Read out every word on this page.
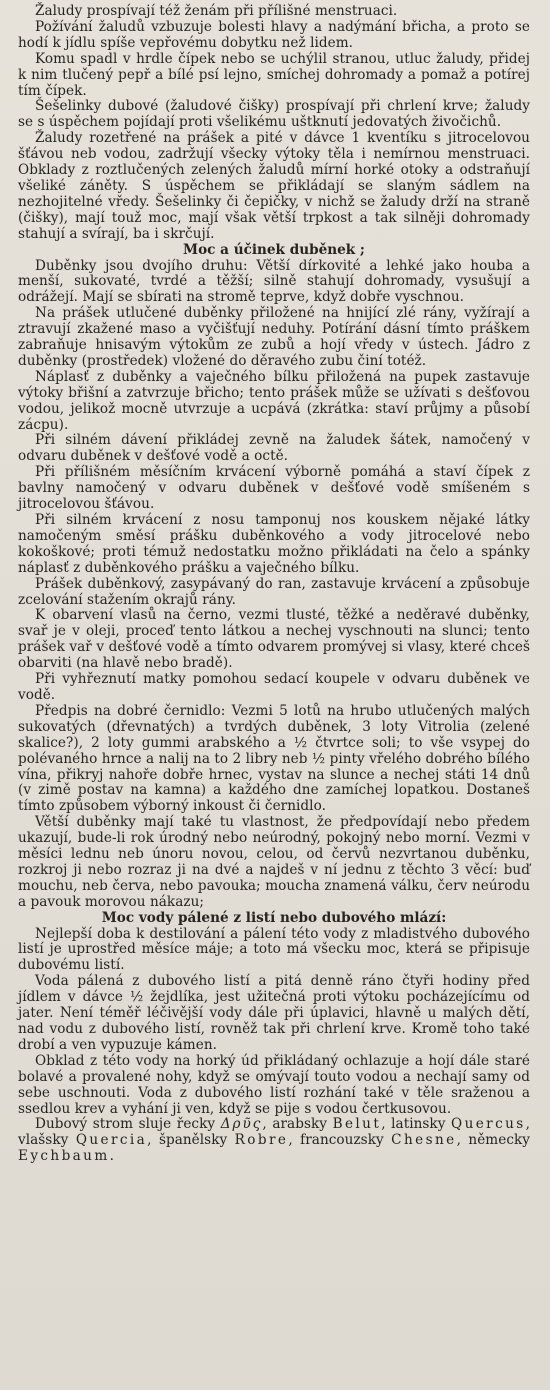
Žaludy prospívají též ženám při přílišné menstruaci.

Požívání žaludů vzbuzuje bolesti hlavy a nadýmání břicha, a proto se hodí k jídlu spíše vepřovému dobytku než lidem.

Komu spadl v hrdle čípek nebo se uchýlil stranou, utluc žaludy, přidej k nim tlučený pepř a bílé psí lejno, smíchej dohromady a pomaž a potírej tím čípek.

Šešelinky dubové (žaludové čišky) prospívají při chrlení krve; žaludy se s úspěchem pojídají proti všelikému uštknutí jedovatých živočichů.

Žaludy rozetřené na prášek a pité v dávce 1 kventíku s jitrocelovou šťávou neb vodou, zadržují všecky výtoky těla i nemírnou menstruaci. Obklady z roztlučených zelených žaludů mírní horké otoky a odstraňují všeliké záněty. S úspěchem se přikládají se slaným sádlem na nezhojitelné vředy. Šešelinky či čepičky, v nichž se žaludy drží na straně (čišky), mají touž moc, mají však větší trpkost a tak silněji dohromady stahují a svírají, ba i skrčují.

Moc a účinek duběnek ;

Duběnky jsou dvojího druhu: Větší dírkovité a lehké jako houba a menší, sukovaté, tvrdé a těžší; silně stahují dohromady, vysušují a odrážejí. Mají se sbírati na stromě teprve, když dobře vyschnou.

Na prášek utlučené duběnky přiložené na hnijící zlé rány, vyžírají a ztravují zkažené maso a vyčišťují neduhy. Potírání dásní tímto práškem zabraňuje hnisavým výtokům ze zubů a hojí vředy v ústech. Jádro z duběnky (prostředek) vložené do děravého zubu činí totéž.

Náplasť z duběnky a vaječného bílku přiložená na pupek zastavuje výtoky břišní a zatvrzuje břicho; tento prášek může se užívati s dešťovou vodou, jelikož mocně utvrzuje a ucpává (zkrátka: staví průjmy a působí zácpu).

Při silném dávení přikládej zevně na žaludek šátek, namočený v odvaru duběnek v dešťové vodě a octě.

Při přílišném měsíčním krvácení výborně pomáhá a staví čípek z bavlny namočený v odvaru duběnek v dešťové vodě smíšeném s jitrocelovou šťávou.

Při silném krvácení z nosu tamponuj nos kouskem nějaké látky namočeným směsí prášku duběnkového a vody jitrocelové nebo kokoškové; proti témuž nedostatku možno přikládati na čelo a spánky náplasť z duběnkového prášku a vaječného bílku.

Prášek duběnkový, zasypávaný do ran, zastavuje krvácení a způsobuje zcelování stažením okrajů rány.

K obarvení vlasů na černo, vezmi tlusté, těžké a neděravé duběnky, svař je v oleji, proceď tento látkou a nechej vyschnouti na slunci; tento prášek vař v dešťové vodě a tímto odvarem promývej si vlasy, které chceš obarviti (na hlavě nebo bradě).

Při vyhřeznutí matky pomohou sedací koupele v odvaru duběnek ve vodě.

Předpis na dobré černidlo: Vezmi 5 lotů na hrubo utlučených malých sukovatých (dřevnatých) a tvrdých duběnek, 3 loty Vitrolia (zelené skalice?), 2 loty gummi arabského a ½ čtvrtce soli; to vše vsypej do polévaného hrnce a nalij na to 2 libry neb ½ pinty vřelého dobrého bílého vína, přikryj nahoře dobře hrnec, vystav na slunce a nechej státi 14 dnů (v zimě postav na kamna) a každého dne zamíchej lopatkou. Dostaneš tímto způsobem výborný inkoust či černidlo.

Větší duběnky mají také tu vlastnost, že předpovídají nebo předem ukazují, bude-li rok úrodný nebo neúrodný, pokojný nebo morní. Vezmi v měsíci lednu neb únoru novou, celou, od červů nezvrtanou duběnku, rozkroj ji nebo rozraz ji na dvé a najdeš v ní jednu z těchto 3 věcí: buď mouchu, neb červa, nebo pavouka; moucha znamená válku, červ neúrodu a pavouk morovou nákazu;

Moc vody pálené z listí nebo dubového mlází:

Nejlepší doba k destilování a pálení této vody z mladistvého dubového listí je uprostřed měsíce máje; a toto má všecku moc, která se připisuje dubovému listí.

Voda pálená z dubového listí a pitá denně ráno čtyři hodiny před jídlem v dávce ½ žejdlíka, jest užitečná proti výtoku pocházejícímu od jater. Není téměř léčivější vody dále při úplavici, hlavně u malých dětí, nad vodu z dubového listí, rovněž tak při chrlení krve. Kromě toho také drobí a ven vypuzuje kámen.

Obklad z této vody na horký úd přikládaný ochlazuje a hojí dále staré bolavé a provalené nohy, když se omývají touto vodou a nechají samy od sebe uschnouti. Voda z dubového listí rozhání také v těle sraženou a ssedlou krev a vyhání ji ven, když se pije s vodou čertkusovou.

Dubový strom sluje řecky Δρῦς, arabsky Belut, latinsky Quercus, vlašsky Quercia, španělsky Robre, francouzsky Chesne, německy Eychbaum.
